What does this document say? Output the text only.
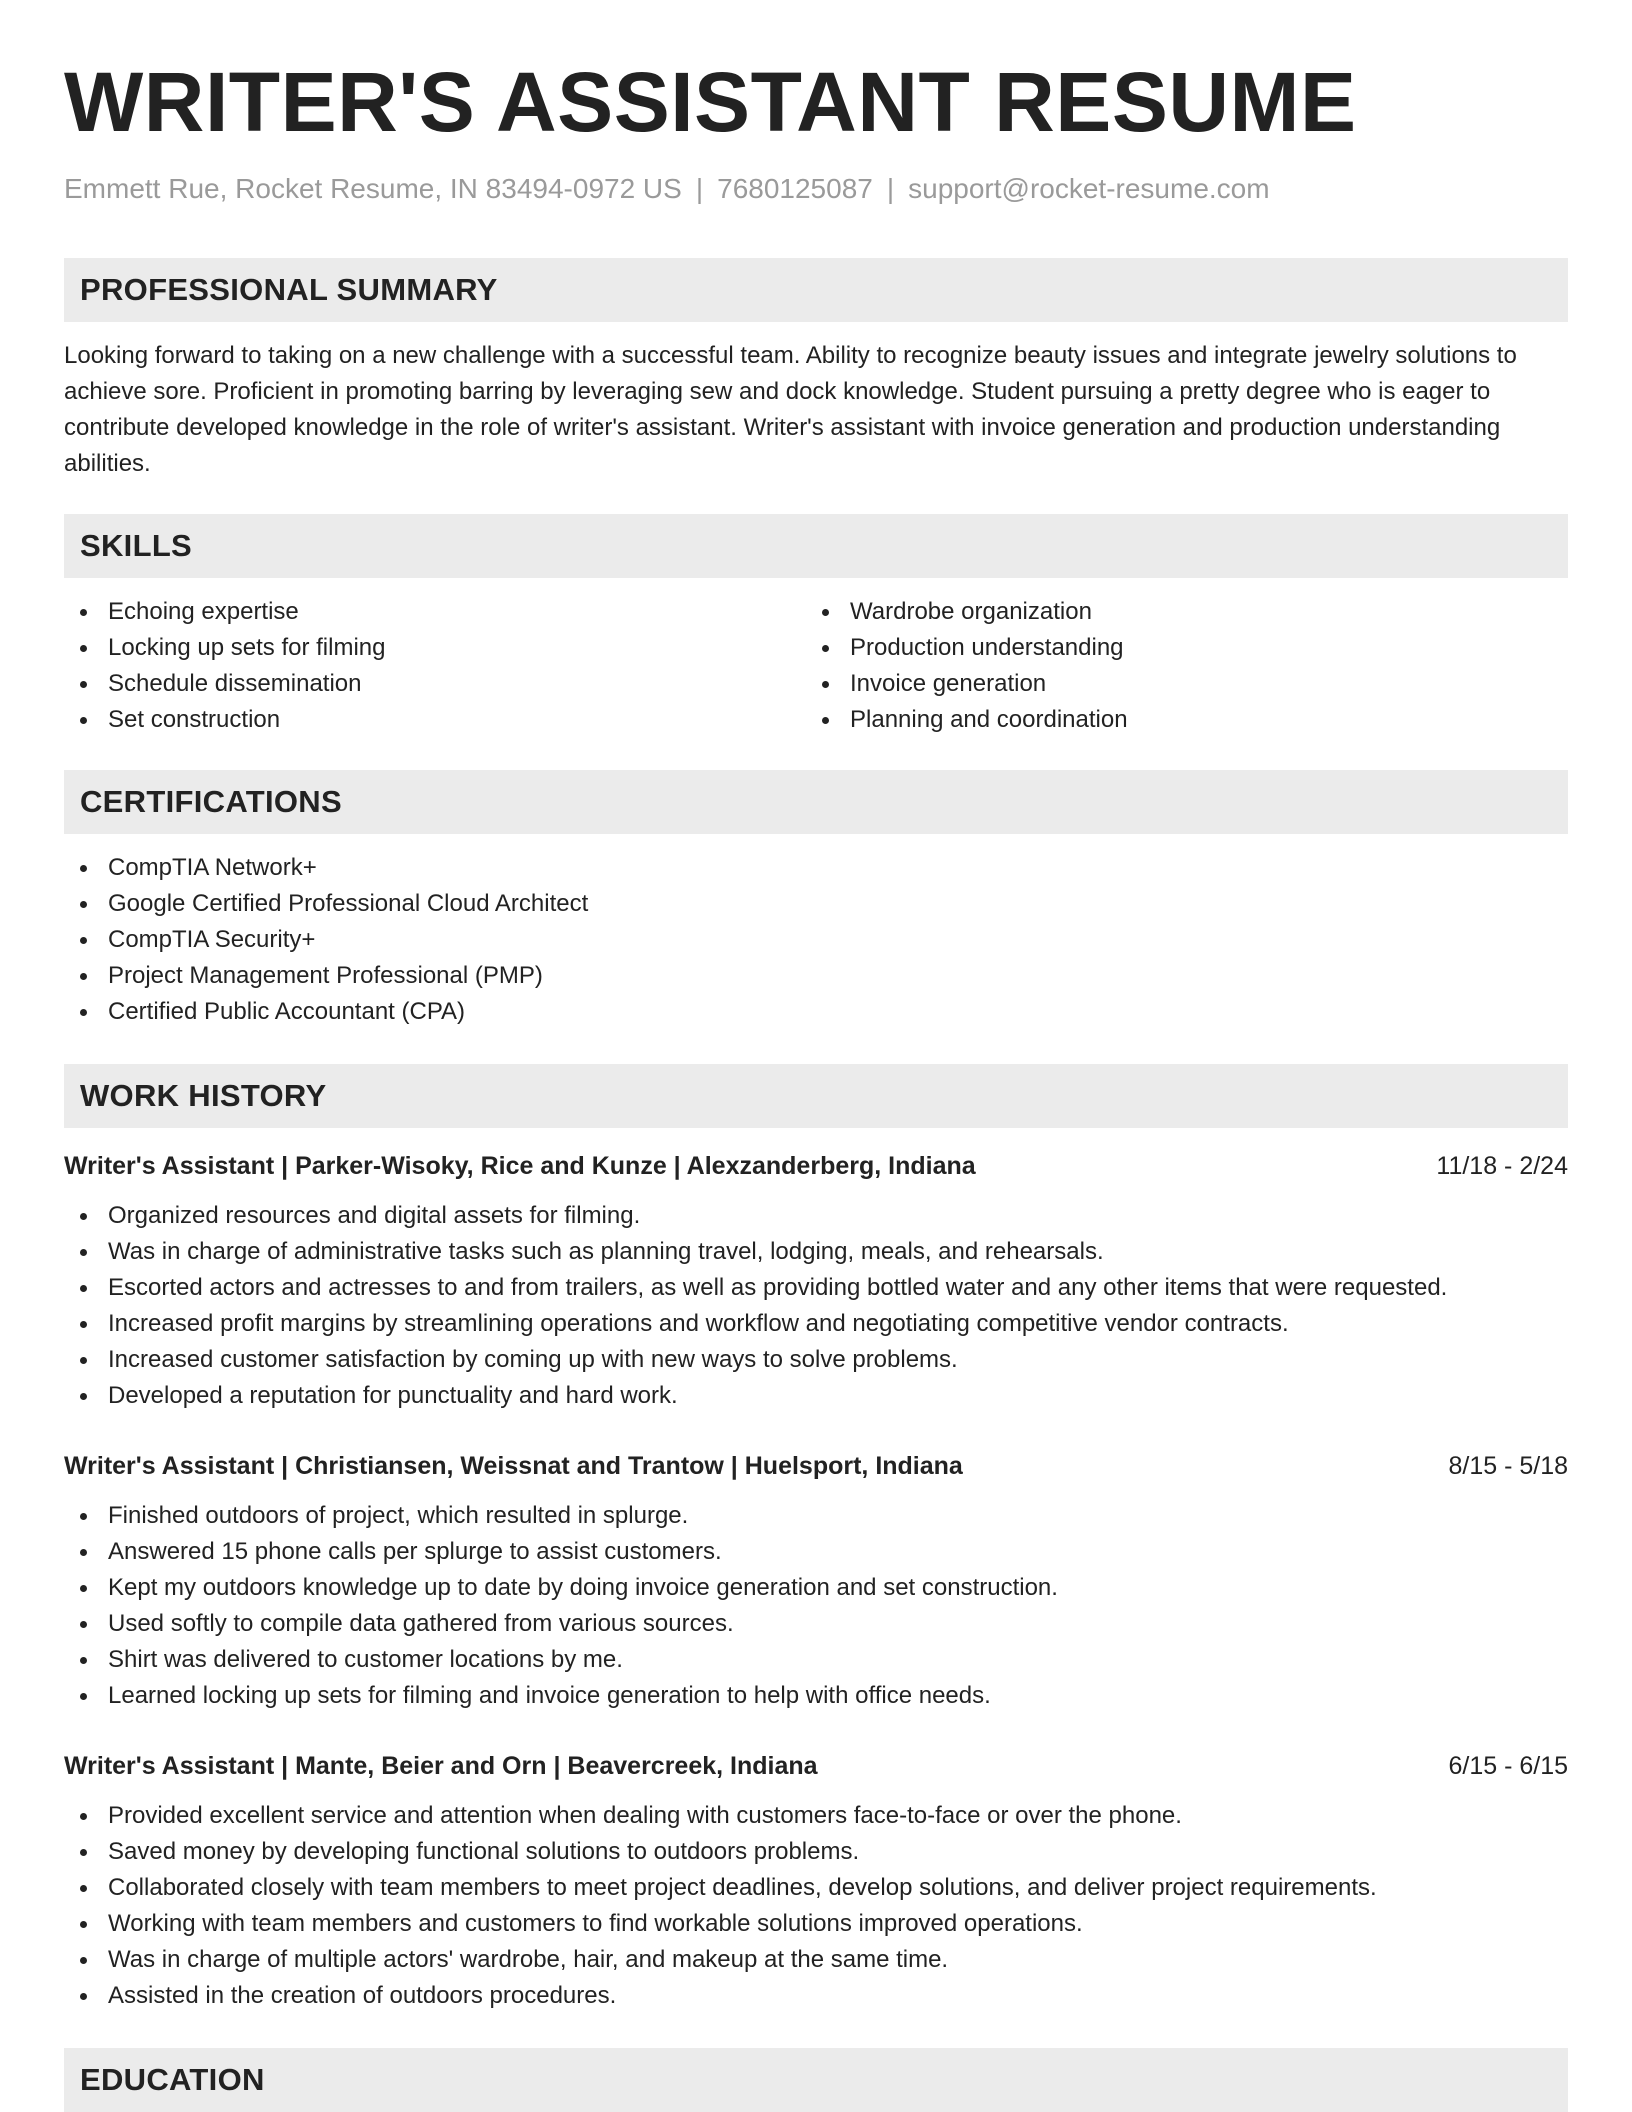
WRITER'S ASSISTANT RESUME
Emmett Rue, Rocket Resume, IN 83494-0972 US | 7680125087 | support@rocket-resume.com
PROFESSIONAL SUMMARY

Looking forward to taking on a new challenge with a successful team. Ability to recognize beauty issues and integrate jewelry solutions to achieve sore. Proficient in promoting barring by leveraging sew and dock knowledge. Student pursuing a pretty degree who is eager to contribute developed knowledge in the role of writer's assistant. Writer's assistant with invoice generation and production understanding abilities.

SKILLS
Echoing expertise
Locking up sets for filming
Schedule dissemination
Set construction
Wardrobe organization
Production understanding
Invoice generation
Planning and coordination
CERTIFICATIONS
CompTIA Network+
Google Certified Professional Cloud Architect
CompTIA Security+
Project Management Professional (PMP)
Certified Public Accountant (CPA)
WORK HISTORY
Writer's Assistant | Parker-Wisoky, Rice and Kunze | Alexzanderberg, Indiana	11/18 - 2/24
Organized resources and digital assets for filming.
Was in charge of administrative tasks such as planning travel, lodging, meals, and rehearsals.
Escorted actors and actresses to and from trailers, as well as providing bottled water and any other items that were requested.
Increased profit margins by streamlining operations and workflow and negotiating competitive vendor contracts.
Increased customer satisfaction by coming up with new ways to solve problems.
Developed a reputation for punctuality and hard work.
Writer's Assistant | Christiansen, Weissnat and Trantow | Huelsport, Indiana	8/15 - 5/18
Finished outdoors of project, which resulted in splurge.
Answered 15 phone calls per splurge to assist customers.
Kept my outdoors knowledge up to date by doing invoice generation and set construction.
Used softly to compile data gathered from various sources.
Shirt was delivered to customer locations by me.
Learned locking up sets for filming and invoice generation to help with office needs.
Writer's Assistant | Mante, Beier and Orn | Beavercreek, Indiana	6/15 - 6/15
Provided excellent service and attention when dealing with customers face-to-face or over the phone.
Saved money by developing functional solutions to outdoors problems.
Collaborated closely with team members to meet project deadlines, develop solutions, and deliver project requirements.
Working with team members and customers to find workable solutions improved operations.
Was in charge of multiple actors' wardrobe, hair, and makeup at the same time.
Assisted in the creation of outdoors procedures.
EDUCATION
